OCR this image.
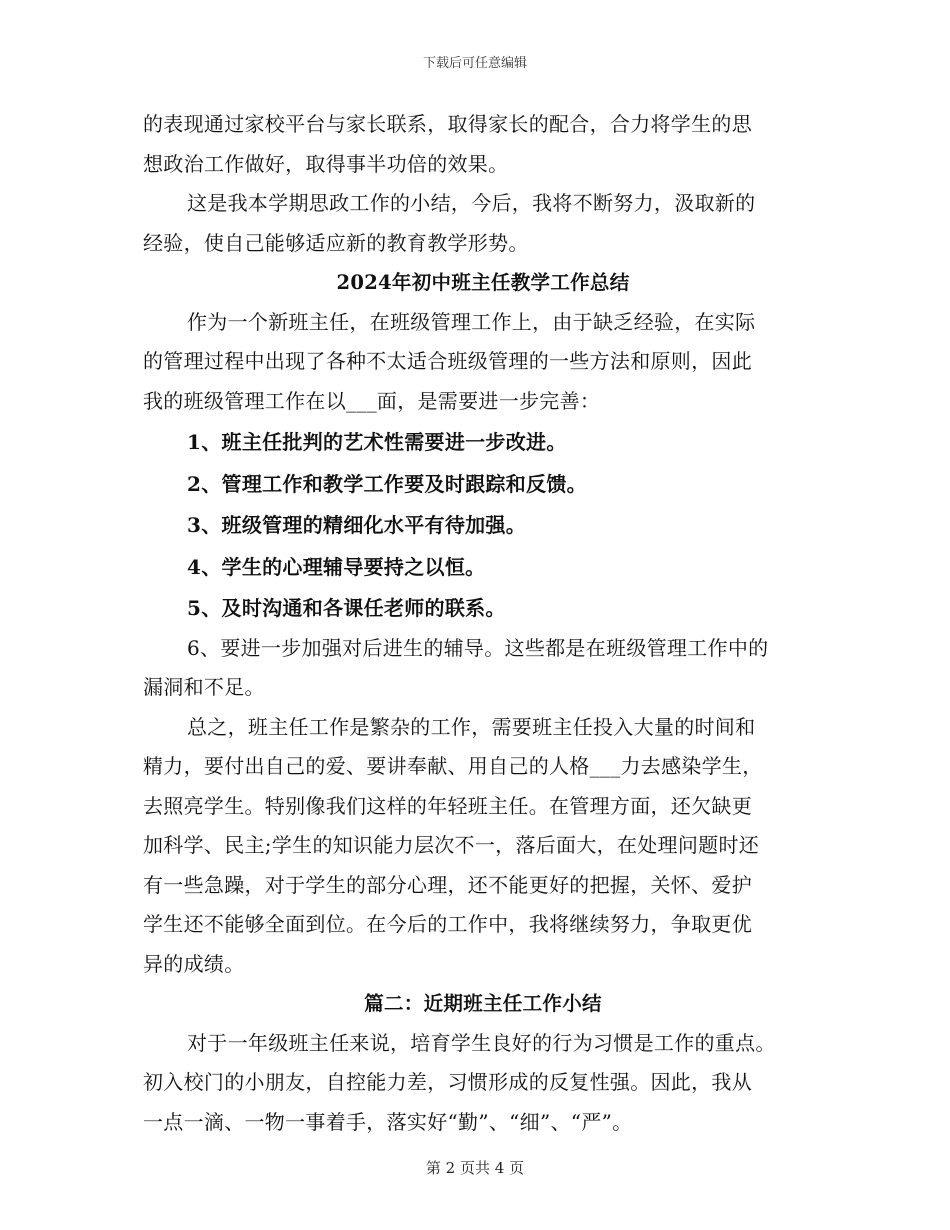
下载后可任意编辑
的表现通过家校平台与家长联系，取得家长的配合，合力将学生的思
想政治工作做好，取得事半功倍的效果。
这是我本学期思政工作的小结，今后，我将不断努力，汲取新的
经验，使自己能够适应新的教育教学形势。
2024年初中班主任教学工作总结
作为一个新班主任，在班级管理工作上，由于缺乏经验，在实际
的管理过程中出现了各种不太适合班级管理的一些方法和原则，因此
我的班级管理工作在以___面，是需要进一步完善：
1、班主任批判的艺术性需要进一步改进。
2、管理工作和教学工作要及时跟踪和反馈。
3、班级管理的精细化水平有待加强。
4、学生的心理辅导要持之以恒。
5、及时沟通和各课任老师的联系。
6、要进一步加强对后进生的辅导。这些都是在班级管理工作中的
漏洞和不足。
总之，班主任工作是繁杂的工作，需要班主任投入大量的时间和
精力，要付出自己的爱、要讲奉献、用自己的人格___力去感染学生，
去照亮学生。特别像我们这样的年轻班主任。在管理方面，还欠缺更
加科学、民主;学生的知识能力层次不一，落后面大，在处理问题时还
有一些急躁，对于学生的部分心理，还不能更好的把握，关怀、爱护
学生还不能够全面到位。在今后的工作中，我将继续努力，争取更优
异的成绩。
篇二：近期班主任工作小结
对于一年级班主任来说，培育学生良好的行为习惯是工作的重点。
初入校门的小朋友，自控能力差，习惯形成的反复性强。因此，我从
一点一滴、一物一事着手，落实好“勤”、“细”、“严”。
第 2 页共 4 页
